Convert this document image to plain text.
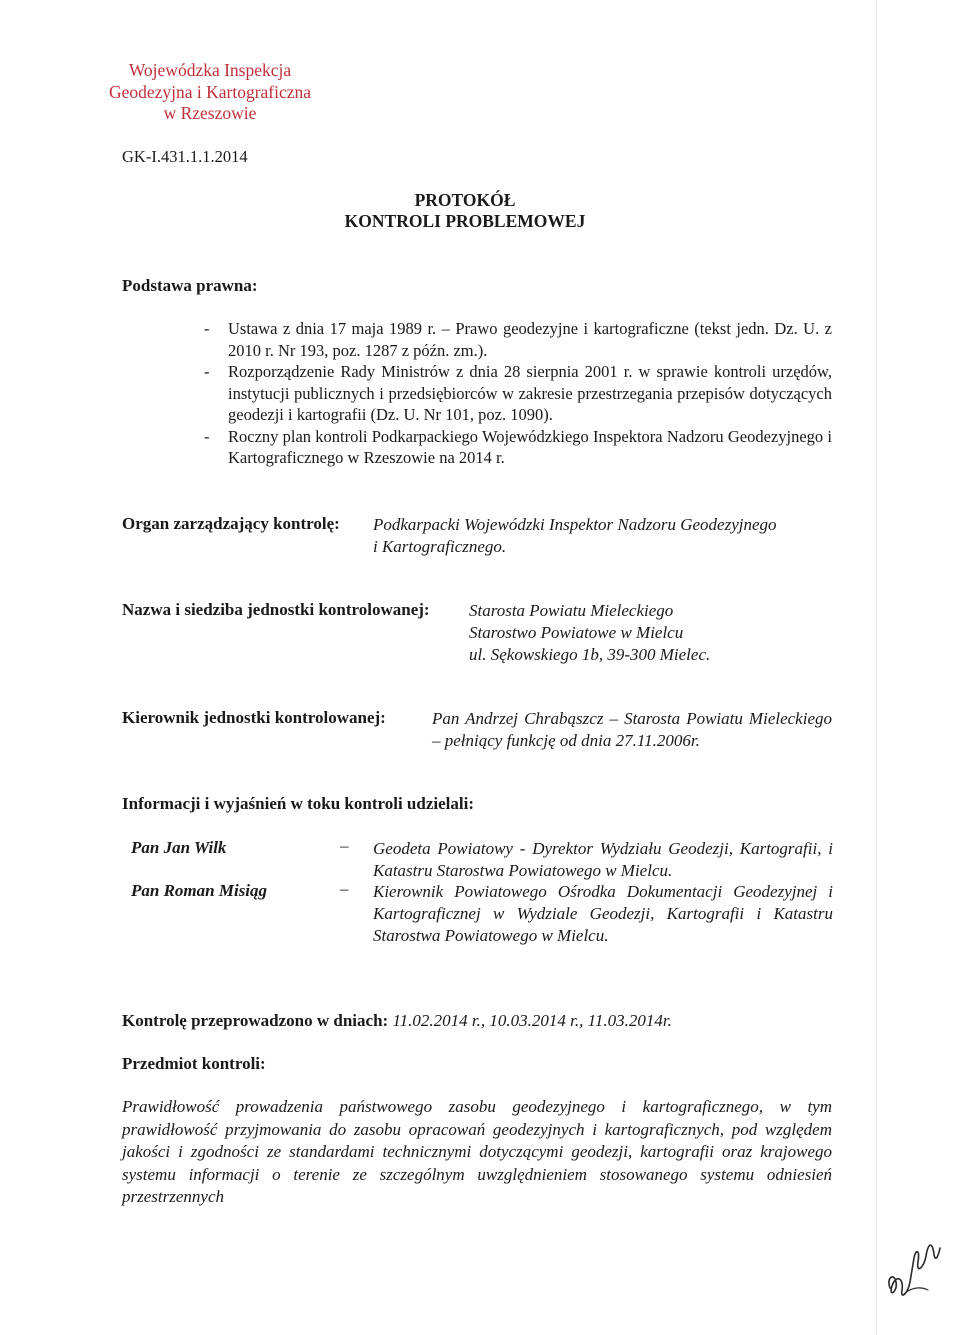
Wojewódzka Inspekcja
Geodezyjna i Kartograficzna
w Rzeszowie
GK-I.431.1.1.2014
PROTOKÓŁ
KONTROLI PROBLEMOWEJ
Podstawa prawna:
- Ustawa z dnia 17 maja 1989 r. – Prawo geodezyjne i kartograficzne (tekst jedn. Dz. U. z 2010 r. Nr 193, poz. 1287 z późn. zm.).
- Rozporządzenie Rady Ministrów z dnia 28 sierpnia 2001 r. w sprawie kontroli urzędów, instytucji publicznych i przedsiębiorców w zakresie przestrzegania przepisów dotyczących geodezji i kartografii (Dz. U. Nr 101, poz. 1090).
- Roczny plan kontroli Podkarpackiego Wojewódzkiego Inspektora Nadzoru Geodezyjnego i Kartograficznego w Rzeszowie na 2014 r.
Organ zarządzający kontrolę: Podkarpacki Wojewódzki Inspektor Nadzoru Geodezyjnego
i Kartograficznego.
Nazwa i siedziba jednostki kontrolowanej: Starosta Powiatu Mieleckiego
Starostwo Powiatowe w Mielcu
ul. Sękowskiego 1b, 39-300 Mielec.
Kierownik jednostki kontrolowanej:	Pan Andrzej Chrabąszcz – Starosta Powiatu Mieleckiego – pełniący funkcję od dnia 27.11.2006r.
Informacji i wyjaśnień w toku kontroli udzielali:
Pan Jan Wilk	– Geodeta Powiatowy - Dyrektor Wydziału Geodezji, Kartografii, i Katastru Starostwa Powiatowego w Mielcu.
Pan Roman Misiąg	– Kierownik Powiatowego Ośrodka Dokumentacji Geodezyjnej i Kartograficznej w Wydziale Geodezji, Kartografii i Katastru Starostwa Powiatowego w Mielcu.
Kontrolę przeprowadzono w dniach: 11.02.2014 r., 10.03.2014 r., 11.03.2014r.
Przedmiot kontroli:
Prawidłowość prowadzenia państwowego zasobu geodezyjnego i kartograficznego, w tym prawidłowość przyjmowania do zasobu opracowań geodezyjnych i kartograficznych, pod względem jakości i zgodności ze standardami technicznymi dotyczącymi geodezji, kartografii oraz krajowego systemu informacji o terenie ze szczególnym uwzględnieniem stosowanego systemu odniesień przestrzennych
